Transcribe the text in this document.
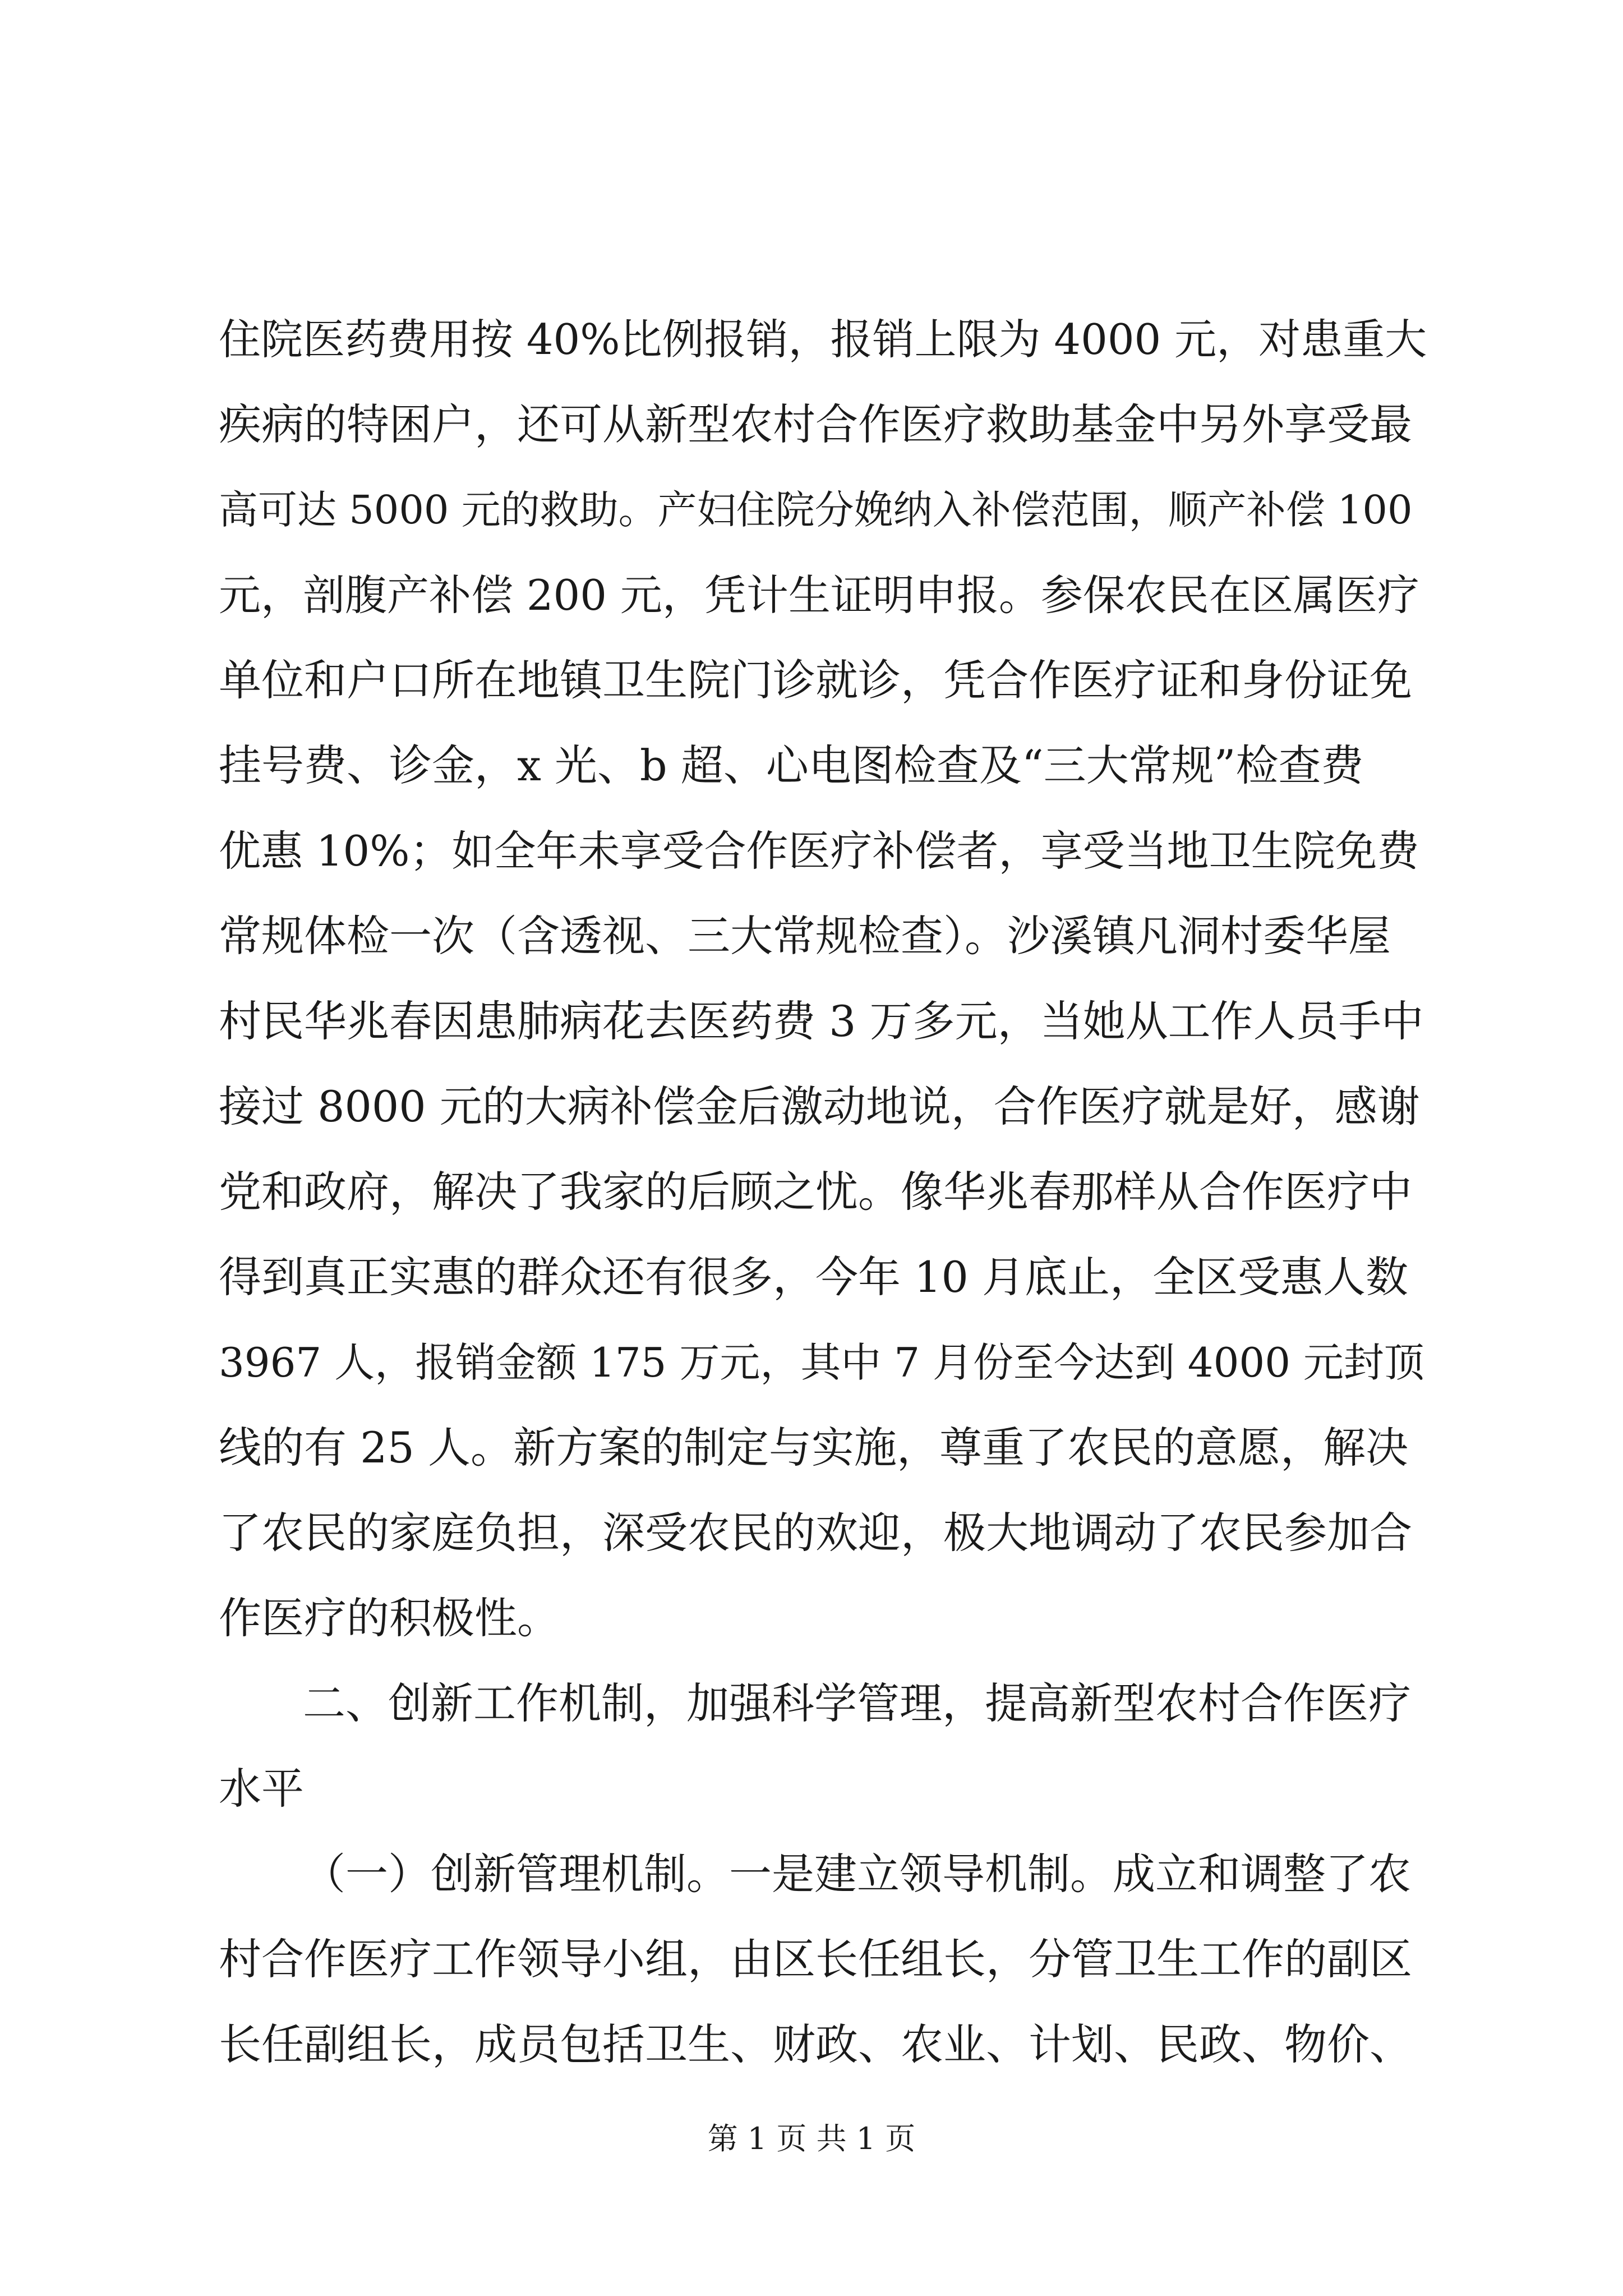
住院医药费用按 40%比例报销，报销上限为 4000 元，对患重大
疾病的特困户，还可从新型农村合作医疗救助基金中另外享受最
高可达 5000 元的救助。产妇住院分娩纳入补偿范围，顺产补偿 100
元，剖腹产补偿 200 元，凭计生证明申报。参保农民在区属医疗
单位和户口所在地镇卫生院门诊就诊，凭合作医疗证和身份证免
挂号费、诊金，x 光、b 超、心电图检查及“三大常规”检查费
优惠 10%；如全年未享受合作医疗补偿者，享受当地卫生院免费
常规体检一次（含透视、三大常规检查）。沙溪镇凡洞村委华屋
村民华兆春因患肺病花去医药费 3 万多元，当她从工作人员手中
接过 8000 元的大病补偿金后激动地说，合作医疗就是好，感谢
党和政府，解决了我家的后顾之忧。像华兆春那样从合作医疗中
得到真正实惠的群众还有很多，今年 10 月底止，全区受惠人数
3967 人，报销金额 175 万元，其中 7 月份至今达到 4000 元封顶
线的有 25 人。新方案的制定与实施，尊重了农民的意愿，解决
了农民的家庭负担，深受农民的欢迎，极大地调动了农民参加合
作医疗的积极性。
二、创新工作机制，加强科学管理，提高新型农村合作医疗
水平
（一）创新管理机制。一是建立领导机制。成立和调整了农
村合作医疗工作领导小组，由区长任组长，分管卫生工作的副区
长任副组长，成员包括卫生、财政、农业、计划、民政、物价、
第 1 页 共 1 页
